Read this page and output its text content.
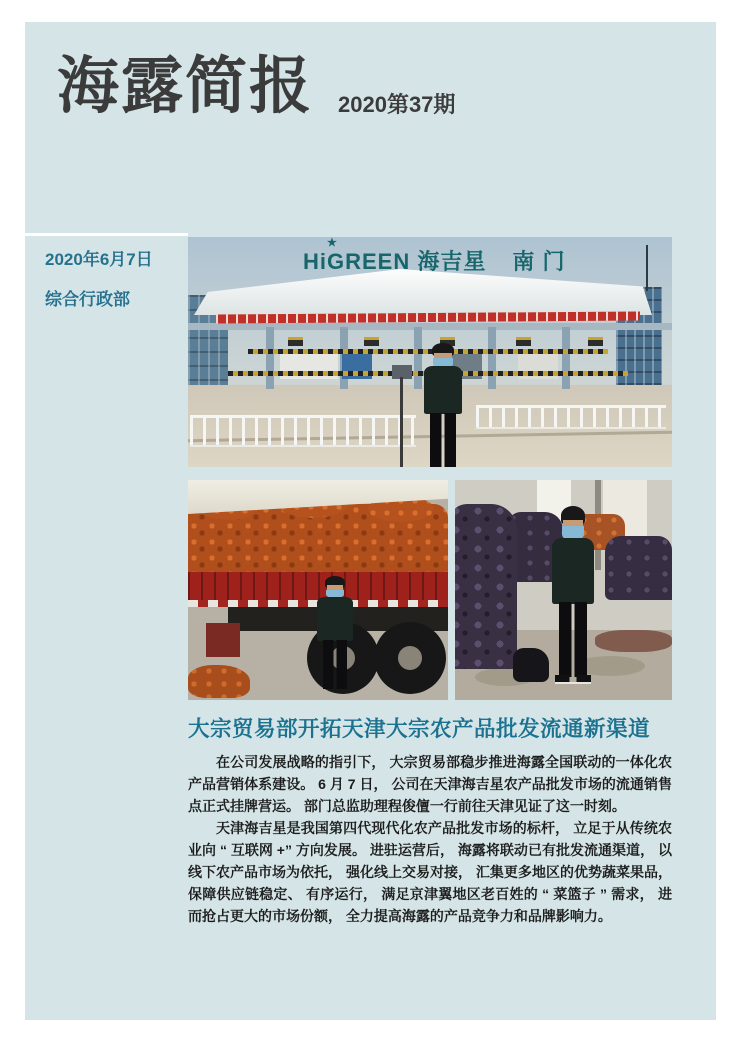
海露简报 2020第37期
2020年6月7日
综合行政部
★
HiGREEN 海吉星 南 门
大宗贸易部开拓天津大宗农产品批发流通新渠道

在公司发展战略的指引下， 大宗贸易部稳步推进海露全国联动的一体化农产品营销体系建设。 6 月 7 日， 公司在天津海吉星农产品批发市场的流通销售点正式挂牌营运。 部门总监助理程俊儃一行前往天津见证了这一时刻。

天津海吉星是我国第四代现代化农产品批发市场的标杆， 立足于从传统农业向 “ 互联网 +” 方向发展。 进驻运营后， 海露将联动已有批发流通渠道， 以线下农产品市场为依托， 强化线上交易对接， 汇集更多地区的优势蔬菜果品， 保障供应链稳定、 有序运行， 满足京津翼地区老百姓的 “ 菜篮子 ” 需求， 进而抢占更大的市场份额， 全力提高海露的产品竞争力和品牌影响力。
